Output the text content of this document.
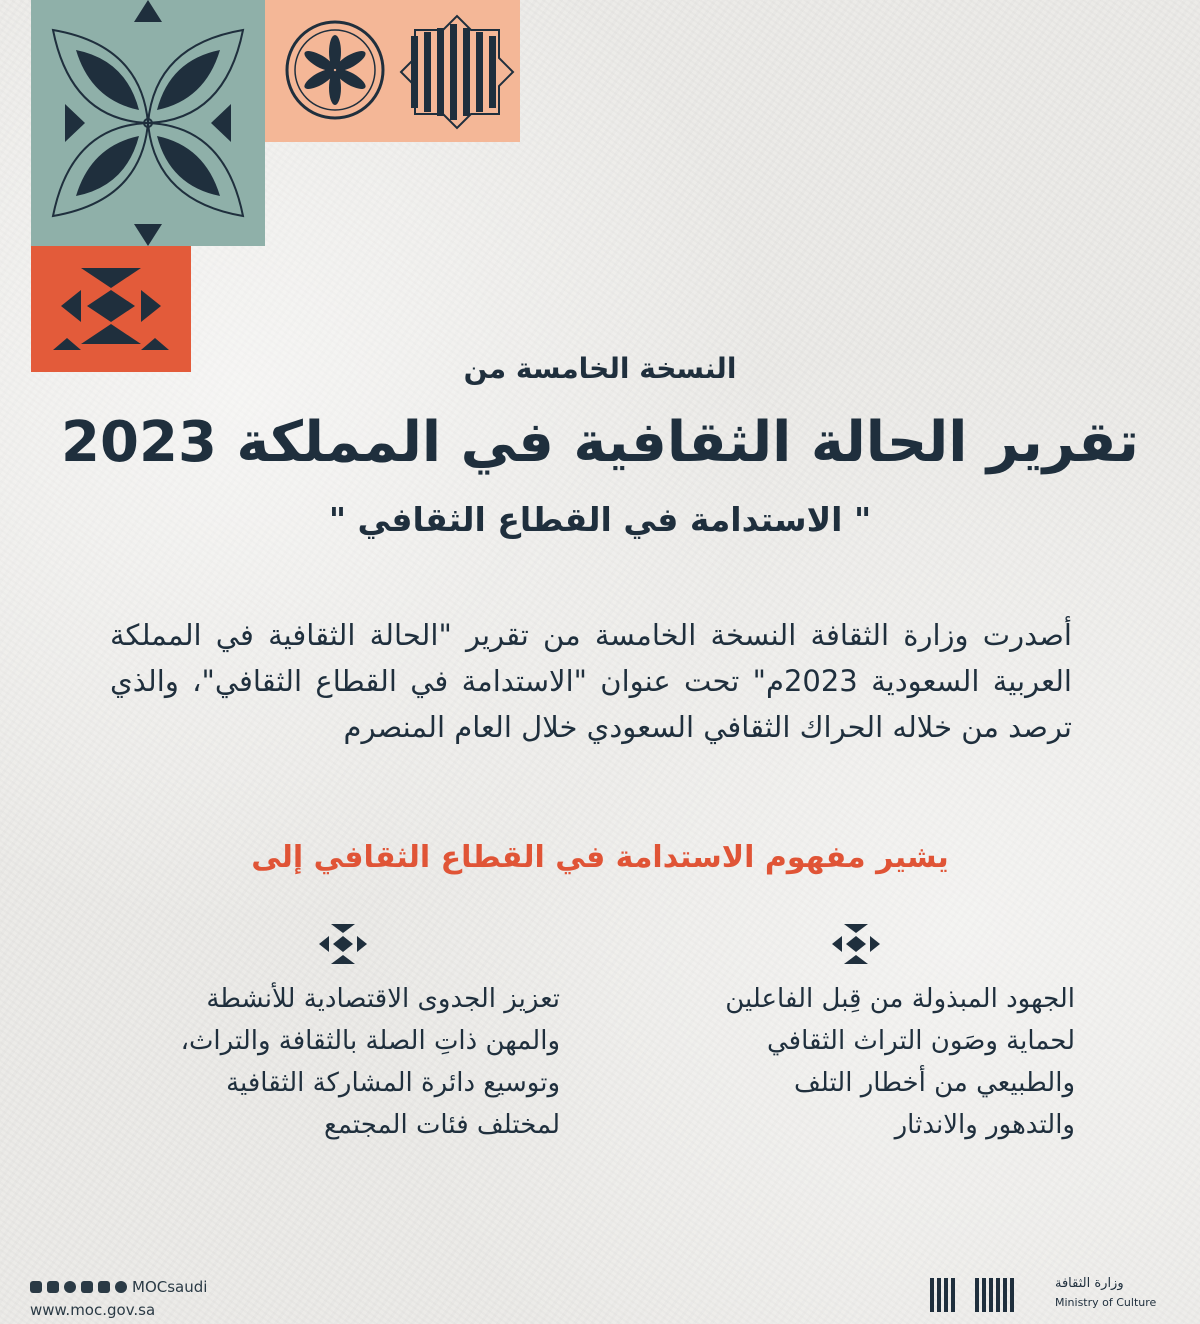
النسخة الخامسة من
تقرير الحالة الثقافية في المملكة 2023
" الاستدامة في القطاع الثقافي "
أصدرت وزارة الثقافة النسخة الخامسة من تقرير "الحالة الثقافية في المملكة العربية السعودية 2023م" تحت عنوان "الاستدامة في القطاع الثقافي"، والذي ترصد من خلاله الحراك الثقافي السعودي خلال العام المنصرم
يشير مفهوم الاستدامة في القطاع الثقافي إلى

الجهود المبذولة من قِبل الفاعلين

لحماية وصَون التراث الثقافي

والطبيعي من أخطار التلف

والتدهور والاندثار

تعزيز الجدوى الاقتصادية للأنشطة

والمهن ذاتِ الصلة بالثقافة والتراث،

وتوسيع دائرة المشاركة الثقافية

لمختلف فئات المجتمع

MOCsaudi
www.moc.gov.sa
وزارة الثقافة
Ministry of Culture
